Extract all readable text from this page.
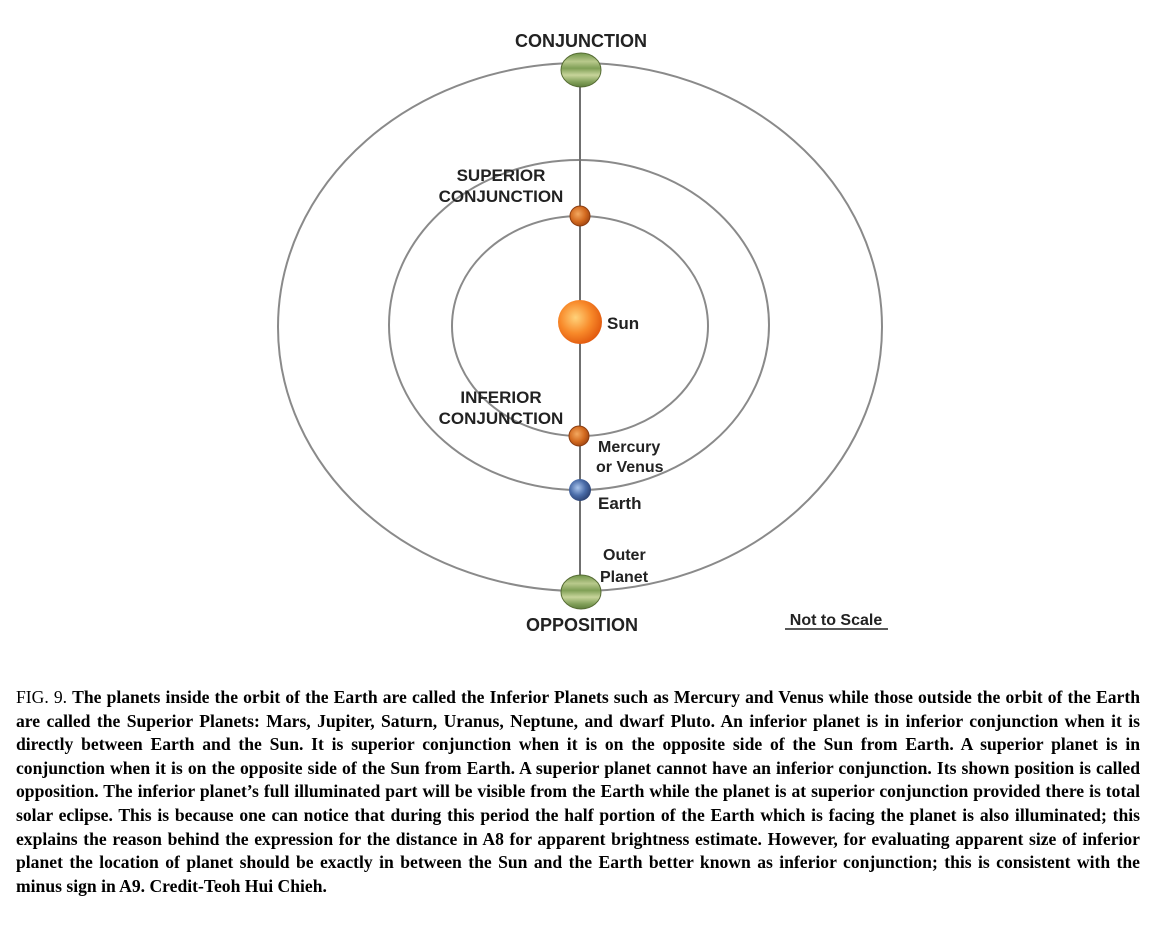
CONJUNCTION
SUPERIOR
CONJUNCTION
Sun
INFERIOR
CONJUNCTION
Mercury
or Venus
Earth
Outer
Planet
OPPOSITION	Not to Scale

FIG. 9. The planets inside the orbit of the Earth are called the Inferior Planets such as Mercury and Venus while those outside the orbit of the Earth are called the Superior Planets: Mars, Jupiter, Saturn, Uranus, Neptune, and dwarf Pluto. An inferior planet is in inferior conjunction when it is directly between Earth and the Sun. It is superior conjunction when it is on the opposite side of the Sun from Earth. A superior planet is in conjunction when it is on the opposite side of the Sun from Earth. A superior planet cannot have an inferior conjunction. Its shown position is called opposition. The inferior planet’s full illuminated part will be visible from the Earth while the planet is at superior conjunction provided there is total solar eclipse. This is because one can notice that during this period the half portion of the Earth which is facing the planet is also illuminated; this explains the reason behind the expression for the distance in A8 for apparent brightness estimate. However, for evaluating apparent size of inferior planet the location of planet should be exactly in between the Sun and the Earth better known as inferior conjunction; this is consistent with the minus sign in A9. Credit-Teoh Hui Chieh.
